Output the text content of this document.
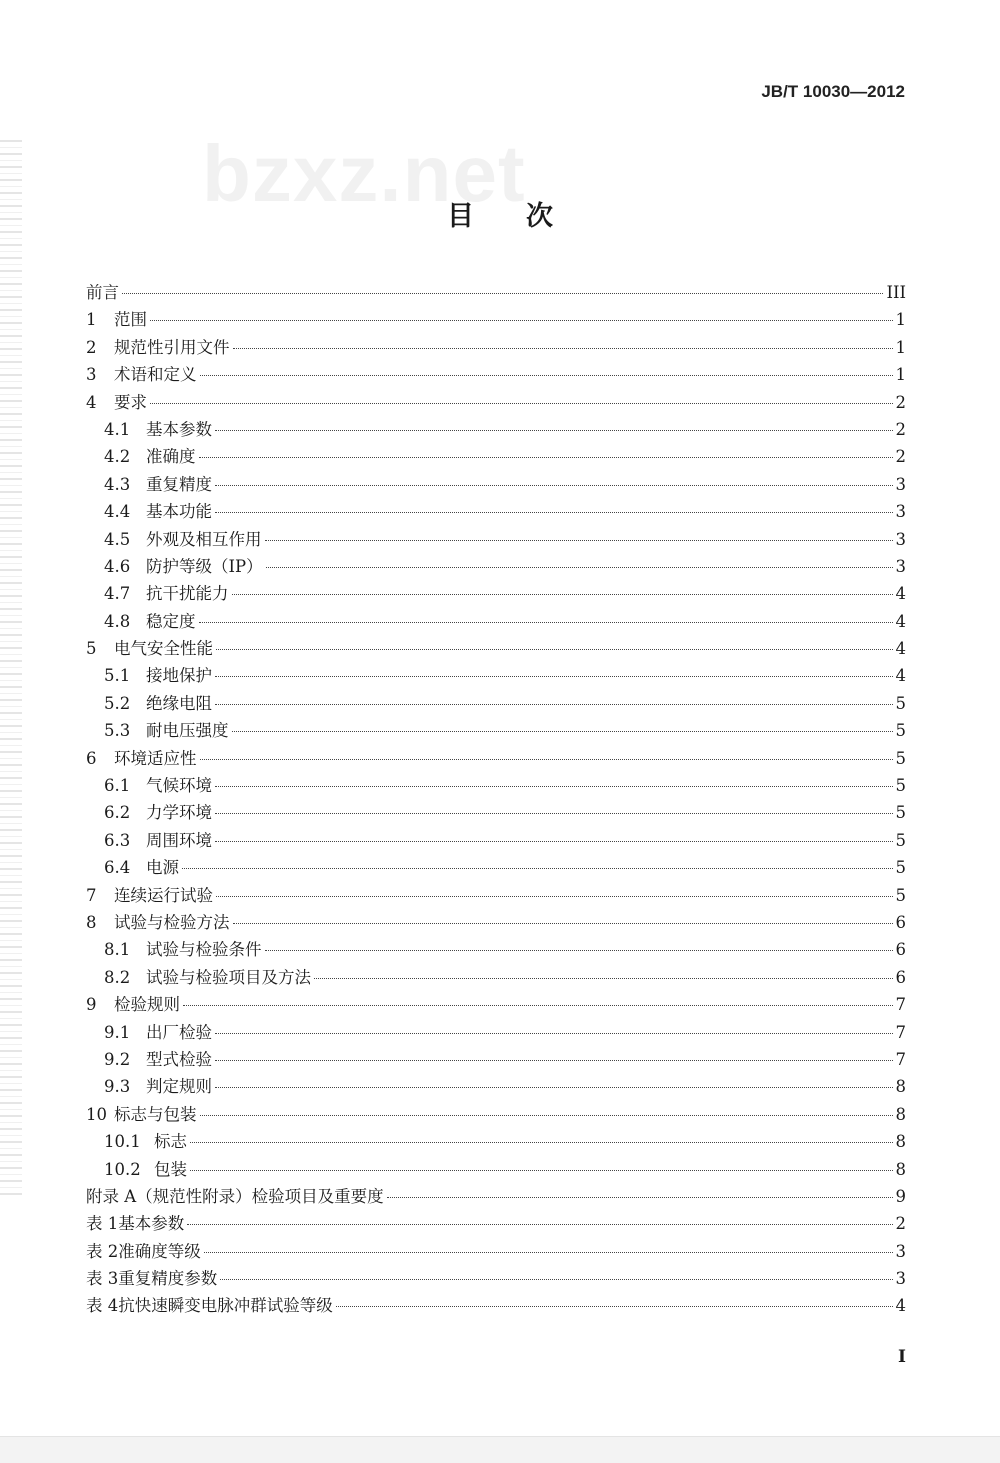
JB/T 10030—2012
bzxz.net
目次
前言	III
1	范围	1
2	规范性引用文件	1
3	术语和定义	1
4	要求	2
4.1 基本参数	2
4.2 准确度	2
4.3 重复精度	3
4.4 基本功能	3
4.5 外观及相互作用	3
4.6 防护等级（IP）	3
4.7 抗干扰能力	4
4.8 稳定度	4
5	电气安全性能	4
5.1 接地保护	4
5.2 绝缘电阻	5
5.3 耐电压强度	5
6	环境适应性	5
6.1 气候环境	5
6.2 力学环境	5
6.3 周围环境	5
6.4 电源	5
7	连续运行试验	5
8	试验与检验方法	6
8.1 试验与检验条件	6
8.2 试验与检验项目及方法	6
9	检验规则	7
9.1 出厂检验	7
9.2 型式检验	7
9.3 判定规则	8
10 标志与包装	8
10.1 标志	8
10.2 包装	8
附录 A（规范性附录）检验项目及重要度	9
表 1 基本参数	2
表 2 准确度等级	3
表 3 重复精度参数	3
表 4 抗快速瞬变电脉冲群试验等级	4
I
